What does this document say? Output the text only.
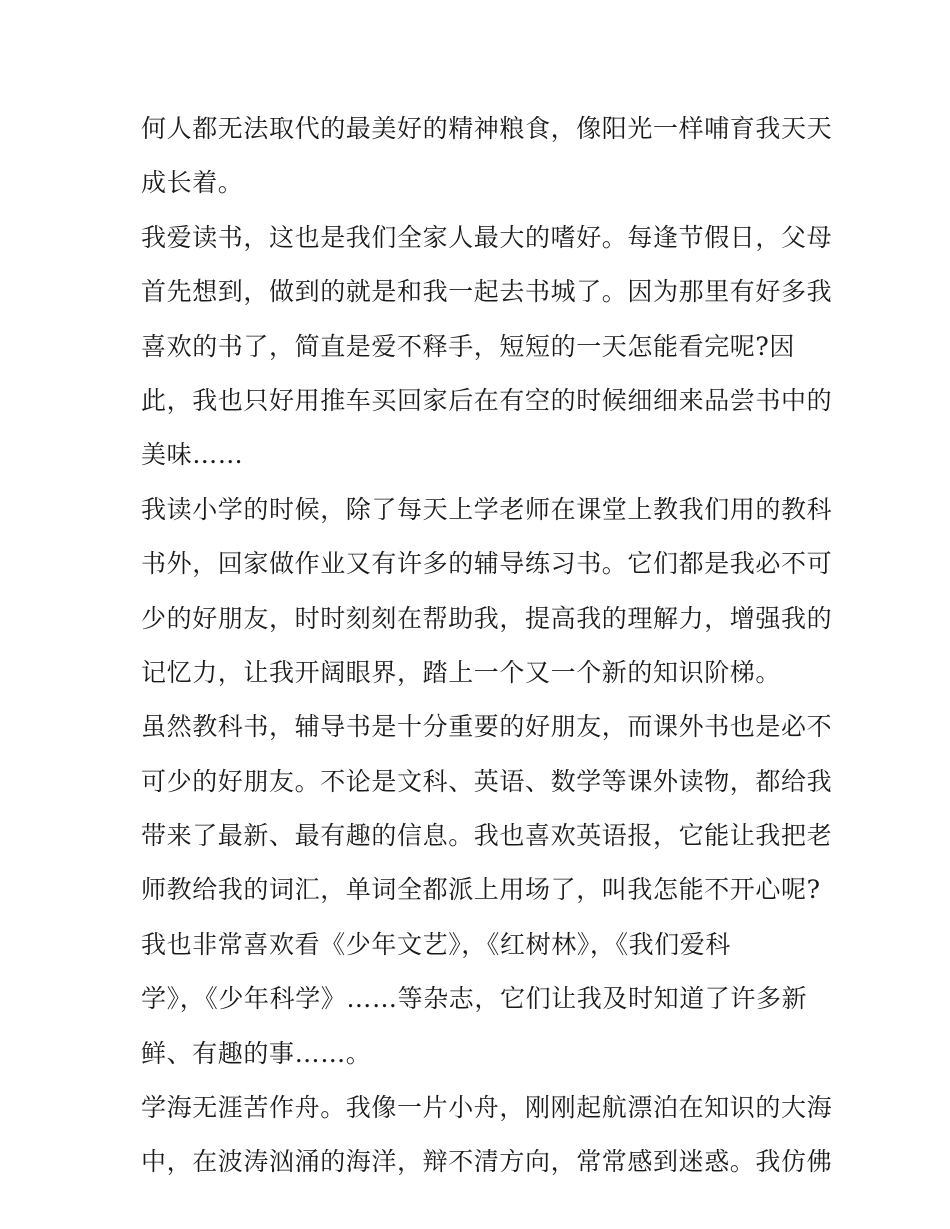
何人都无法取代的最美好的精神粮食，像阳光一样哺育我天天
成长着。
我爱读书，这也是我们全家人最大的嗜好。每逢节假日，父母
首先想到，做到的就是和我一起去书城了。因为那里有好多我
喜欢的书了，简直是爱不释手，短短的一天怎能看完呢?因
此，我也只好用推车买回家后在有空的时候细细来品尝书中的
美味……
我读小学的时候，除了每天上学老师在课堂上教我们用的教科
书外，回家做作业又有许多的辅导练习书。它们都是我必不可
少的好朋友，时时刻刻在帮助我，提高我的理解力，增强我的
记忆力，让我开阔眼界，踏上一个又一个新的知识阶梯。
虽然教科书，辅导书是十分重要的好朋友，而课外书也是必不
可少的好朋友。不论是文科、英语、数学等课外读物，都给我
带来了最新、最有趣的信息。我也喜欢英语报，它能让我把老
师教给我的词汇，单词全都派上用场了，叫我怎能不开心呢?
我也非常喜欢看《少年文艺》，《红树林》，《我们爱科
学》，《少年科学》……等杂志，它们让我及时知道了许多新
鲜、有趣的事……。
学海无涯苦作舟。我像一片小舟，刚刚起航漂泊在知识的大海
中，在波涛汹涌的海洋，辩不清方向，常常感到迷惑。我仿佛
